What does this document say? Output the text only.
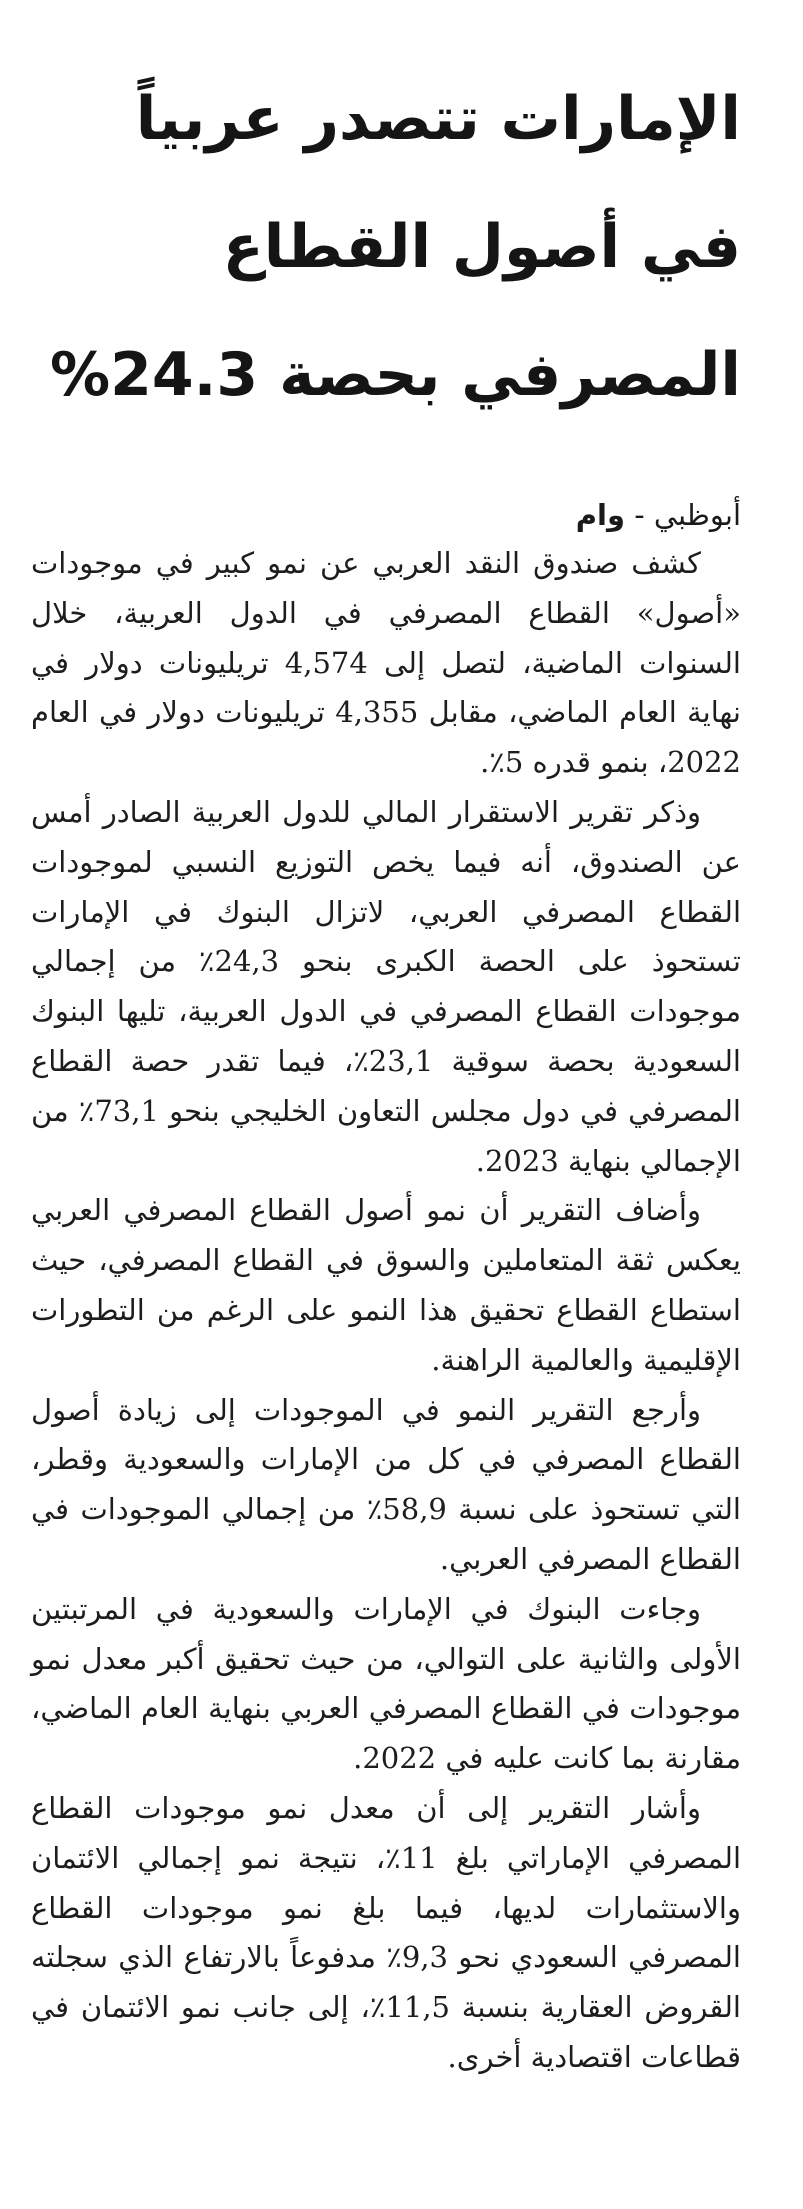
الإمارات تتصدر عربياً
في أصول القطاع
المصرفي بحصة 24.3%
أبوظبي - وام

كشف صندوق النقد العربي عن نمو كبير في موجودات «أصول» القطاع المصرفي في الدول العربية، خلال السنوات الماضية، لتصل إلى 4,574 تريليونات دولار في نهاية العام الماضي، مقابل 4,355 تريليونات دولار في العام 2022، بنمو قدره 5٪.

وذكر تقرير الاستقرار المالي للدول العربية الصادر أمس عن الصندوق، أنه فيما يخص التوزيع النسبي لموجودات القطاع المصرفي العربي، لاتزال البنوك في الإمارات تستحوذ على الحصة الكبرى بنحو 24,3٪ من إجمالي موجودات القطاع المصرفي في الدول العربية، تليها البنوك السعودية بحصة سوقية 23,1٪، فيما تقدر حصة القطاع المصرفي في دول مجلس التعاون الخليجي بنحو 73,1٪ من الإجمالي بنهاية 2023.

وأضاف التقرير أن نمو أصول القطاع المصرفي العربي يعكس ثقة المتعاملين والسوق في القطاع المصرفي، حيث استطاع القطاع تحقيق هذا النمو على الرغم من التطورات الإقليمية والعالمية الراهنة.

وأرجع التقرير النمو في الموجودات إلى زيادة أصول القطاع المصرفي في كل من الإمارات والسعودية وقطر، التي تستحوذ على نسبة 58,9٪ من إجمالي الموجودات في القطاع المصرفي العربي.

وجاءت البنوك في الإمارات والسعودية في المرتبتين الأولى والثانية على التوالي، من حيث تحقيق أكبر معدل نمو موجودات في القطاع المصرفي العربي بنهاية العام الماضي، مقارنة بما كانت عليه في 2022.

وأشار التقرير إلى أن معدل نمو موجودات القطاع المصرفي الإماراتي بلغ 11٪، نتيجة نمو إجمالي الائتمان والاستثمارات لديها، فيما بلغ نمو موجودات القطاع المصرفي السعودي نحو 9,3٪ مدفوعاً بالارتفاع الذي سجلته القروض العقارية بنسبة 11,5٪، إلى جانب نمو الائتمان في قطاعات اقتصادية أخرى.
